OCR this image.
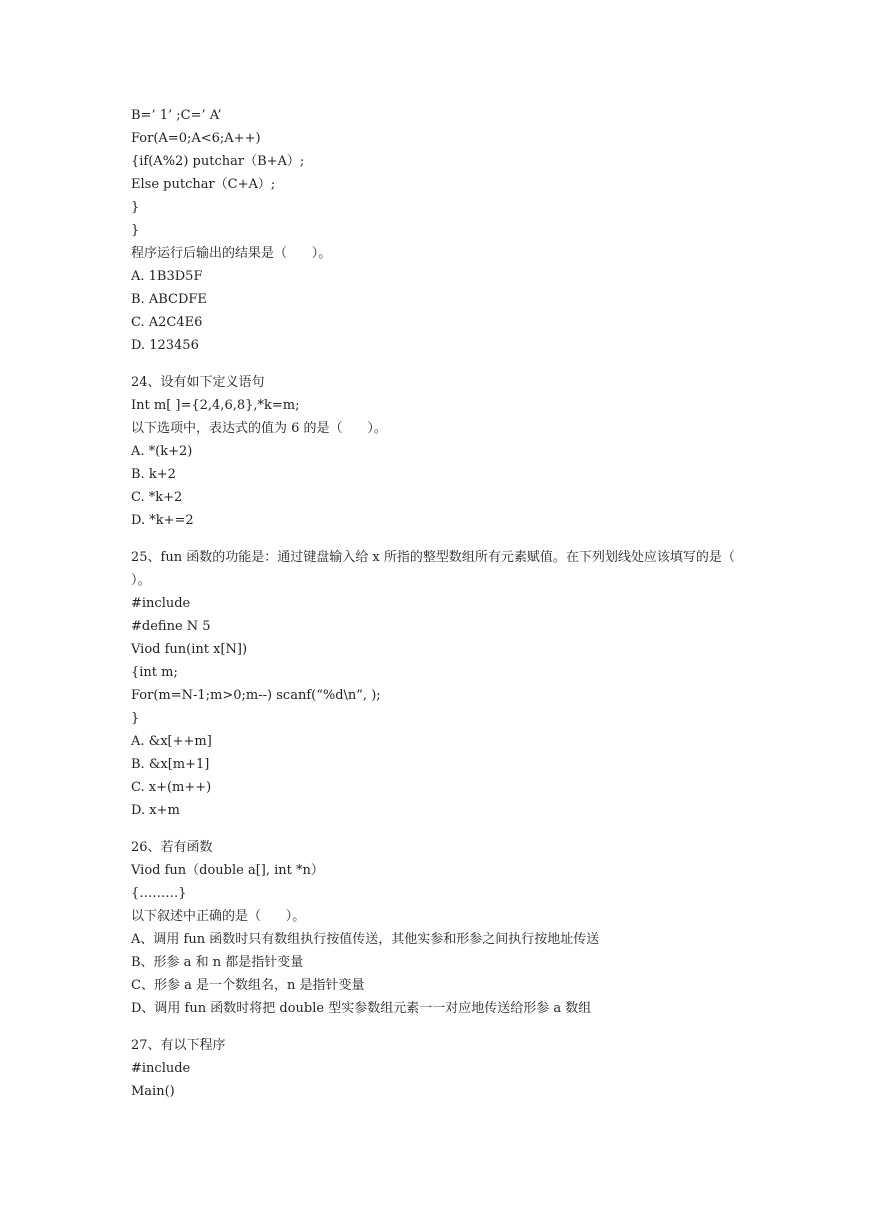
B=’ 1’ ;C=’ A’
For(A=0;A<6;A++)
{if(A%2) putchar（B+A）;
Else putchar（C+A）;
}
}
程序运行后输出的结果是（      ）。
A. 1B3D5F
B. ABCDFE
C. A2C4E6
D. 123456
24、设有如下定义语句
Int m[ ]={2,4,6,8},*k=m;
以下选项中，表达式的值为 6 的是（      ）。
A. *(k+2)
B. k+2
C. *k+2
D. *k+=2
25、fun 函数的功能是：通过键盘输入给 x 所指的整型数组所有元素赋值。在下列划线处应该填写的是（ ）。
#include
#define N 5
Viod fun(int x[N])
{int m;
For(m=N-1;m>0;m--) scanf(“%d\n”, );
}
A. &x[++m]
B. &x[m+1]
C. x+(m++)
D. x+m
26、若有函数
Viod fun（double a[], int *n）
{………}
以下叙述中正确的是（      ）。
A、调用 fun 函数时只有数组执行按值传送，其他实参和形参之间执行按地址传送
B、形参 a 和 n 都是指针变量
C、形参 a 是一个数组名，n 是指针变量
D、调用 fun 函数时将把 double 型实参数组元素一一对应地传送给形参 a 数组
27、有以下程序
#include
Main()
